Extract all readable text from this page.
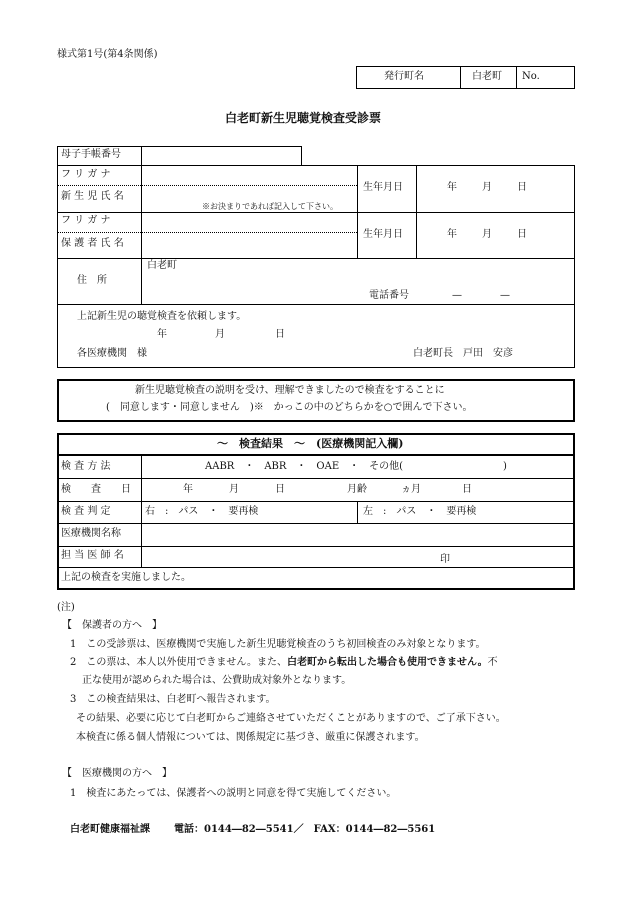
様式第1号(第4条関係)
発行町名	白老町 No.
白老町新生児聴覚検査受診票
母子手帳番号
フ リ ガ ナ
新 生 児 氏 名
※お決まりであれば記入して下さい。
生年月日	年	月	日
フ リ ガ ナ
保 護 者 氏 名
生年月日	年	月	日
住　所
白老町
電話番号	—	—
上記新生児の聴覚検査を依頼します。
年	月	日
各医療機関　様	白老町長　戸田　安彦
新生児聴覚検査の説明を受け、理解できましたので検査をすることに
(　同意します・同意しません　)※　かっこの中のどちらかを○で囲んで下さい。
～　検査結果　～　(医療機関記入欄)
検 査 方 法	AABR　・　ABR　・　OAE　・　その他(　　　　　　　　　　)
検　　査　　日	年	月	日	月齢	ヵ月	日
検 査 判 定	右　:　パス　・　要再検	左　:　パス　・　要再検
医療機関名称
担 当 医 師 名	印
上記の検査を実施しました。
(注)
【　保護者の方へ　】
1　この受診票は、医療機関で実施した新生児聴覚検査のうち初回検査のみ対象となります。
2　この票は、本人以外使用できません。また、白老町から転出した場合も使用できません。不
正な使用が認められた場合は、公費助成対象外となります。
3　この検査結果は、白老町へ報告されます。
その結果、必要に応じて白老町からご連絡させていただくことがありますので、ご了承下さい。
本検査に係る個人情報については、関係規定に基づき、厳重に保護されます。
【　医療機関の方へ　】
1　検査にあたっては、保護者への説明と同意を得て実施してください。
白老町健康福祉課 電話：0144―82―5541／　FAX：0144―82―5561
